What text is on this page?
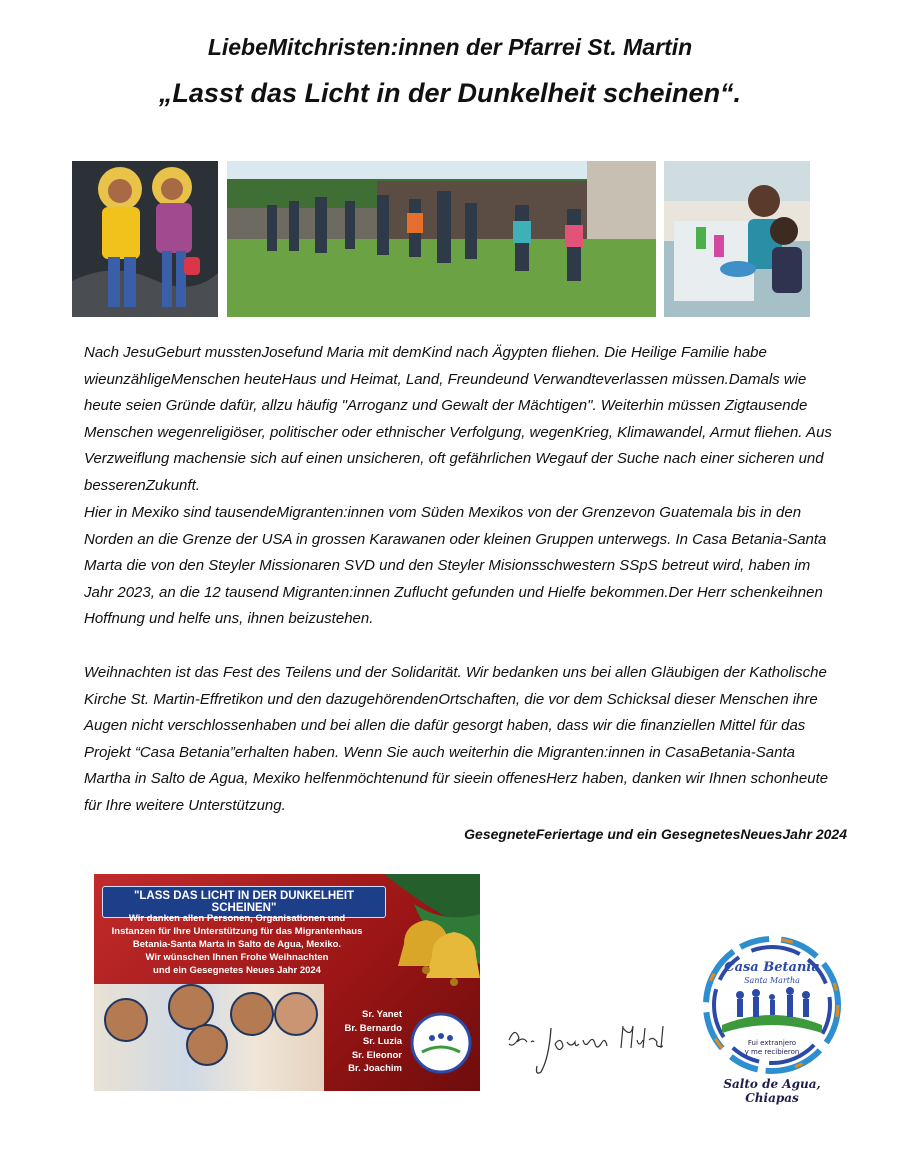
LiebeMitchristen:innen der Pfarrei St. Martin
„Lasst das Licht in der Dunkelheit scheinen“.
Nach JesuGeburt musstenJosefund Maria mit demKind nach Ägypten fliehen. Die Heilige Familie habe wieunzähligeMenschen heuteHaus und Heimat, Land, Freundeund Verwandteverlassen müssen.Damals wie heute seien Gründe dafür, allzu häufig "Arroganz und Gewalt der Mächtigen". Weiterhin müssen Zigtausende Menschen wegenreligiöser, politischer oder ethnischer Verfolgung, wegenKrieg, Klimawandel, Armut fliehen. Aus Verzweiflung machensie sich auf einen unsicheren, oft gefährlichen Wegauf der Suche nach einer sicheren und besserenZukunft.
Hier in Mexiko sind tausendeMigranten:innen vom Süden Mexikos von der Grenzevon Guatemala bis in den Norden an die Grenze der USA in grossen Karawanen oder kleinen Gruppen unterwegs. In Casa Betania-Santa Marta die von den Steyler Missionaren SVD und den Steyler Misionsschwestern SSpS betreut wird, haben im Jahr 2023, an die 12 tausend Migranten:innen Zuflucht gefunden und Hielfe bekommen.Der Herr schenkeihnen Hoffnung und helfe uns, ihnen beizustehen.
Weihnachten ist das Fest des Teilens und der Solidarität. Wir bedanken uns bei allen Gläubigen der Katholische Kirche St. Martin-Effretikon und den dazugehörendenOrtschaften, die vor dem Schicksal dieser Menschen ihre Augen nicht verschlossenhaben und bei allen die dafür gesorgt haben, dass wir die finanziellen Mittel für das Projekt “Casa Betania”erhalten haben. Wenn Sie auch weiterhin die Migranten:innen in CasaBetania-Santa Martha in Salto de Agua, Mexiko helfenmöchtenund für sieein offenesHerz haben, danken wir Ihnen schonheute für Ihre weitere Unterstützung.
GesegneteFeriertage und ein GesegnetesNeuesJahr 2024
"LASS DAS LICHT IN DER DUNKELHEIT SCHEINEN"
Wir danken allen Personen, Organisationen und
Instanzen für Ihre Unterstützung für das Migrantenhaus
Betania-Santa Marta in Salto de Agua, Mexiko.
Wir wünschen Ihnen Frohe Weihnachten
und ein Gesegnetes Neues Jahr 2024
Sr. Yanet
Br. Bernardo
Sr. Luzia
Sr. Eleonor
Br. Joachim
Casa Betania
Santa Martha
Fui extranjero
y me recibieron
Salto de Agua, Chiapas
